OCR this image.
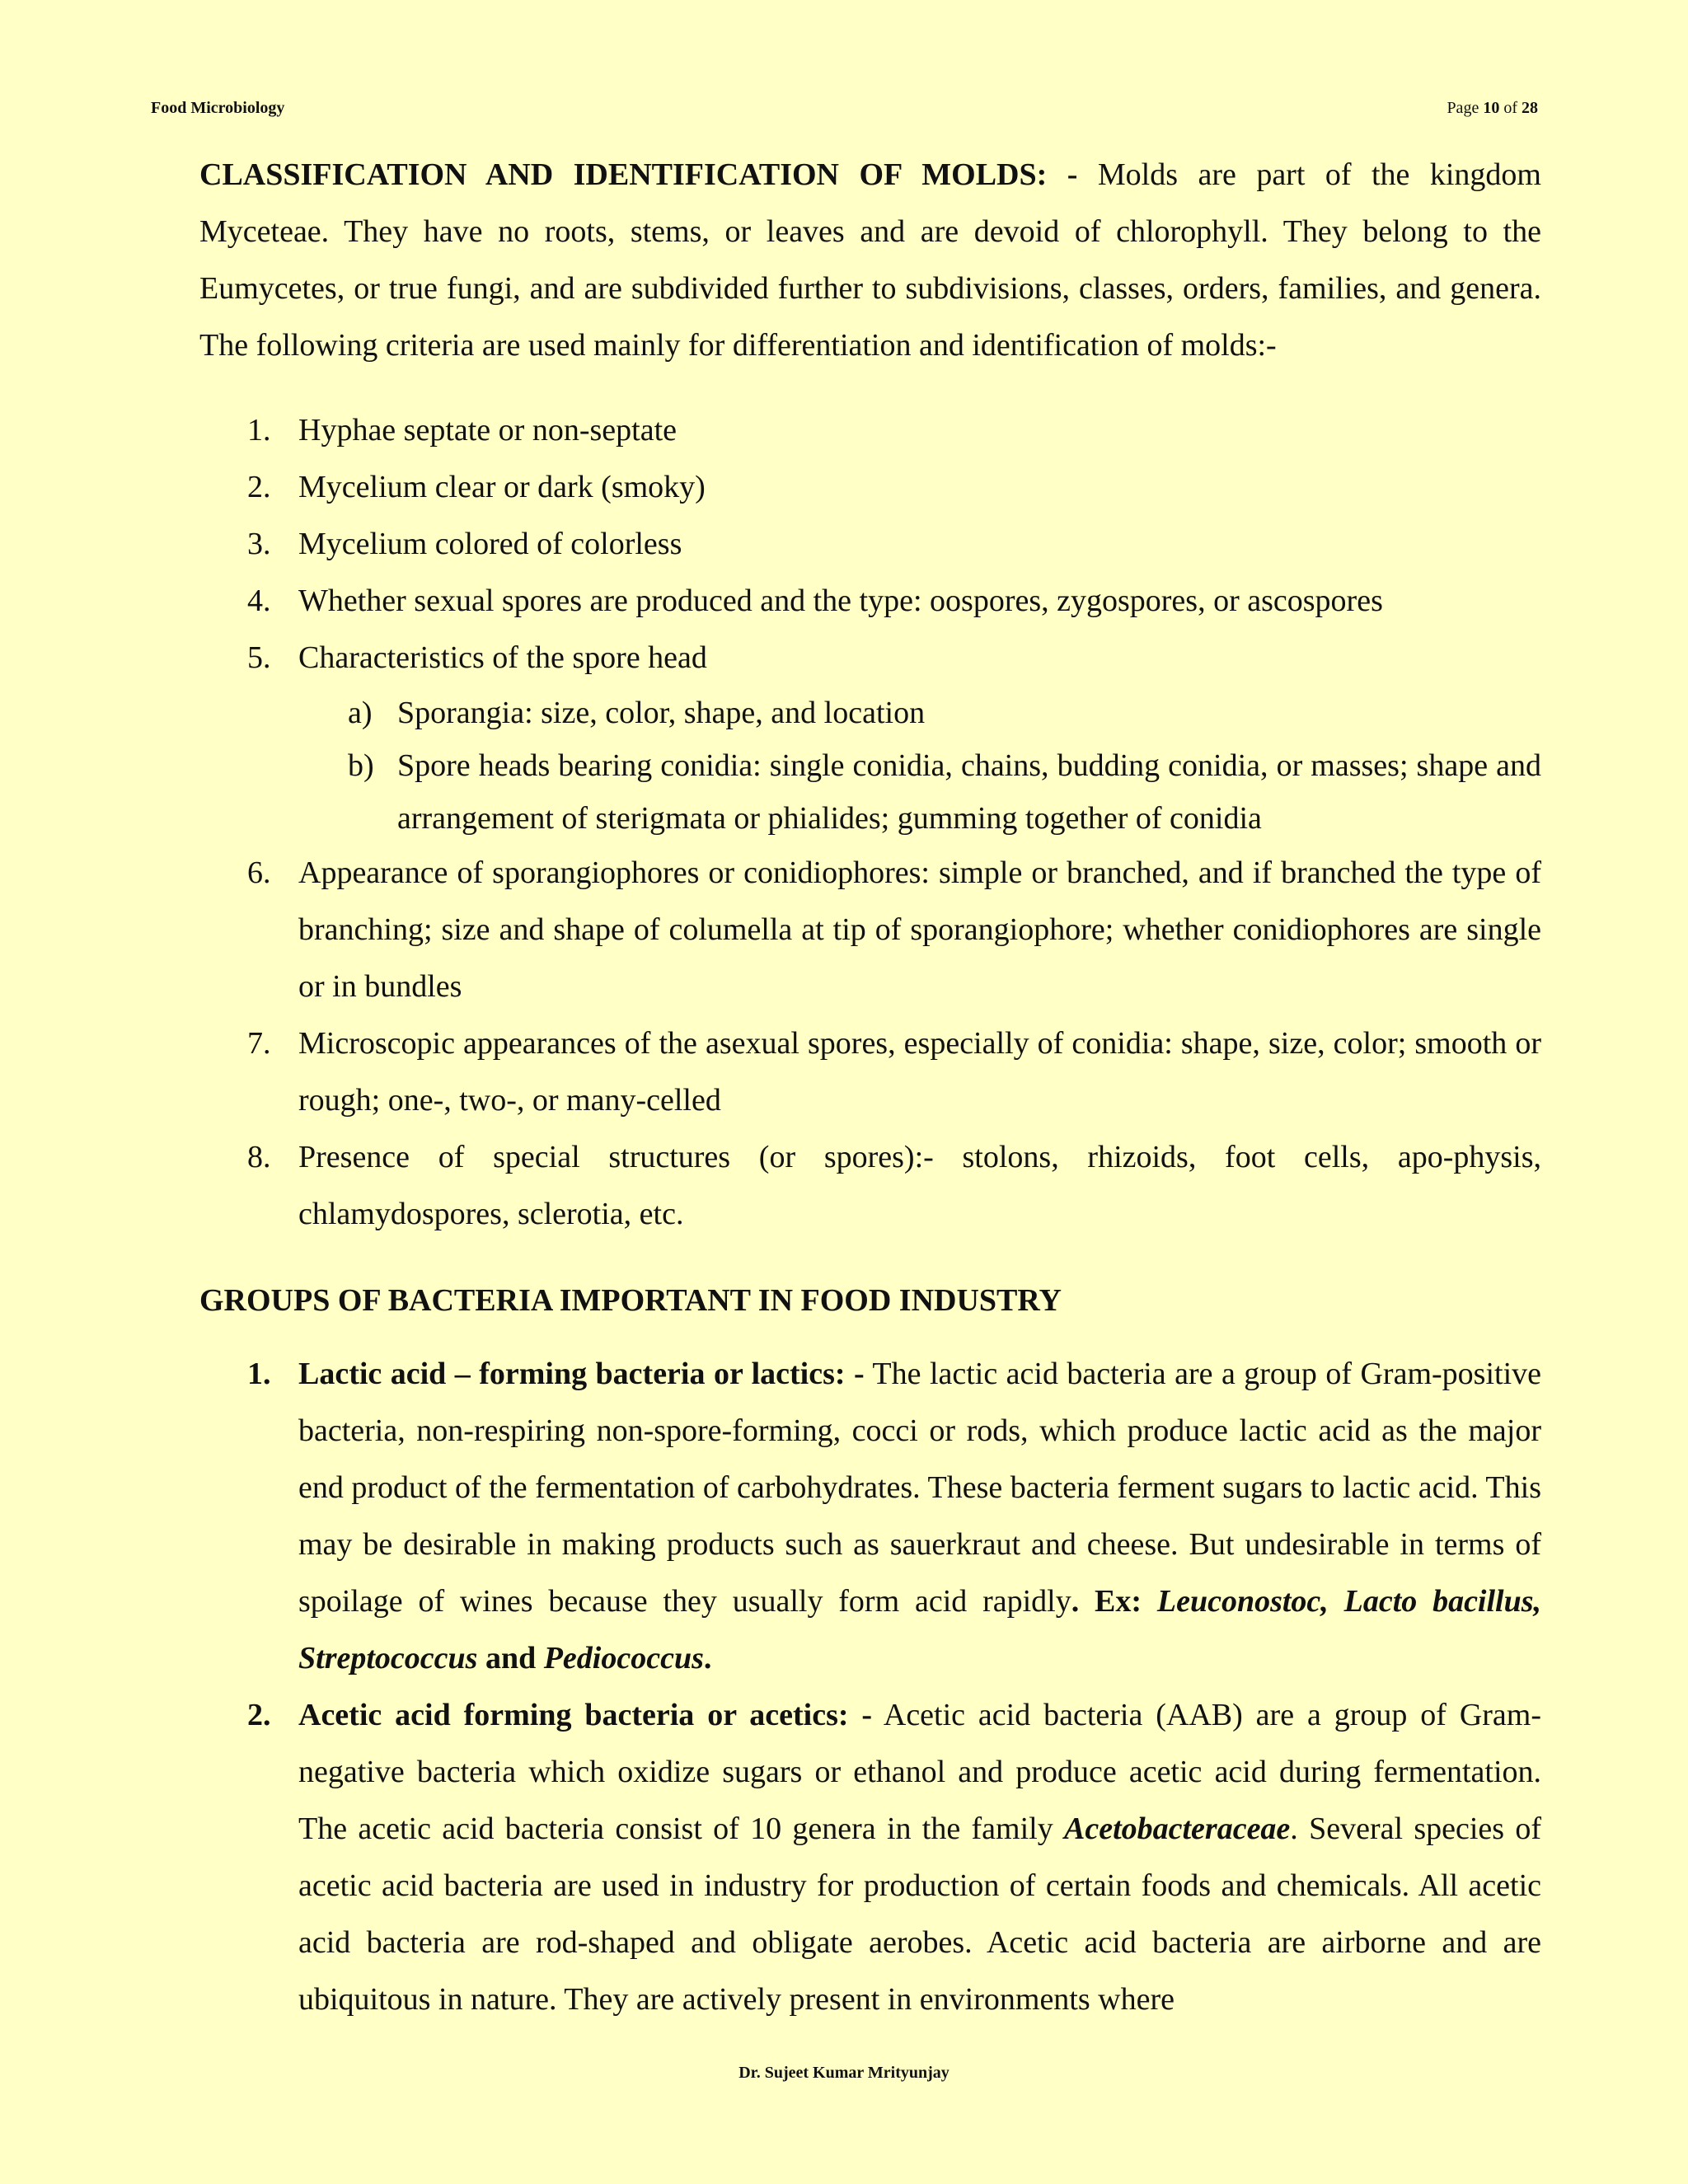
Food Microbiology	Page 10 of 28

CLASSIFICATION AND IDENTIFICATION OF MOLDS: - Molds are part of the kingdom Myceteae. They have no roots, stems, or leaves and are devoid of chlorophyll. They belong to the Eumycetes, or true fungi, and are subdivided further to subdivisions, classes, orders, families, and genera. The following criteria are used mainly for differentiation and identification of molds:-

1. Hyphae septate or non-septate
2. Mycelium clear or dark (smoky)
3. Mycelium colored of colorless
4. Whether sexual spores are produced and the type: oospores, zygospores, or ascospores
5. Characteristics of the spore head
a) Sporangia: size, color, shape, and location
b) Spore heads bearing conidia: single conidia, chains, budding conidia, or masses; shape and arrangement of sterigmata or phialides; gumming together of conidia
6. Appearance of sporangiophores or conidiophores: simple or branched, and if branched the type of branching; size and shape of columella at tip of sporangiophore; whether conidiophores are single or in bundles
7. Microscopic appearances of the asexual spores, especially of conidia: shape, size, color; smooth or rough; one-, two-, or many-celled
8. Presence of special structures (or spores):- stolons, rhizoids, foot cells, apo-physis, chlamydospores, sclerotia, etc.
GROUPS OF BACTERIA IMPORTANT IN FOOD INDUSTRY
1. Lactic acid – forming bacteria or lactics: - The lactic acid bacteria are a group of Gram-positive bacteria, non-respiring non-spore-forming, cocci or rods, which produce lactic acid as the major end product of the fermentation of carbohydrates. These bacteria ferment sugars to lactic acid. This may be desirable in making products such as sauerkraut and cheese. But undesirable in terms of spoilage of wines because they usually form acid rapidly. Ex: Leuconostoc, Lacto bacillus, Streptococcus and Pediococcus.
2. Acetic acid forming bacteria or acetics: - Acetic acid bacteria (AAB) are a group of Gram-negative bacteria which oxidize sugars or ethanol and produce acetic acid during fermentation. The acetic acid bacteria consist of 10 genera in the family Acetobacteraceae. Several species of acetic acid bacteria are used in industry for production of certain foods and chemicals. All acetic acid bacteria are rod-shaped and obligate aerobes. Acetic acid bacteria are airborne and are ubiquitous in nature. They are actively present in environments where
Dr. Sujeet Kumar Mrityunjay
